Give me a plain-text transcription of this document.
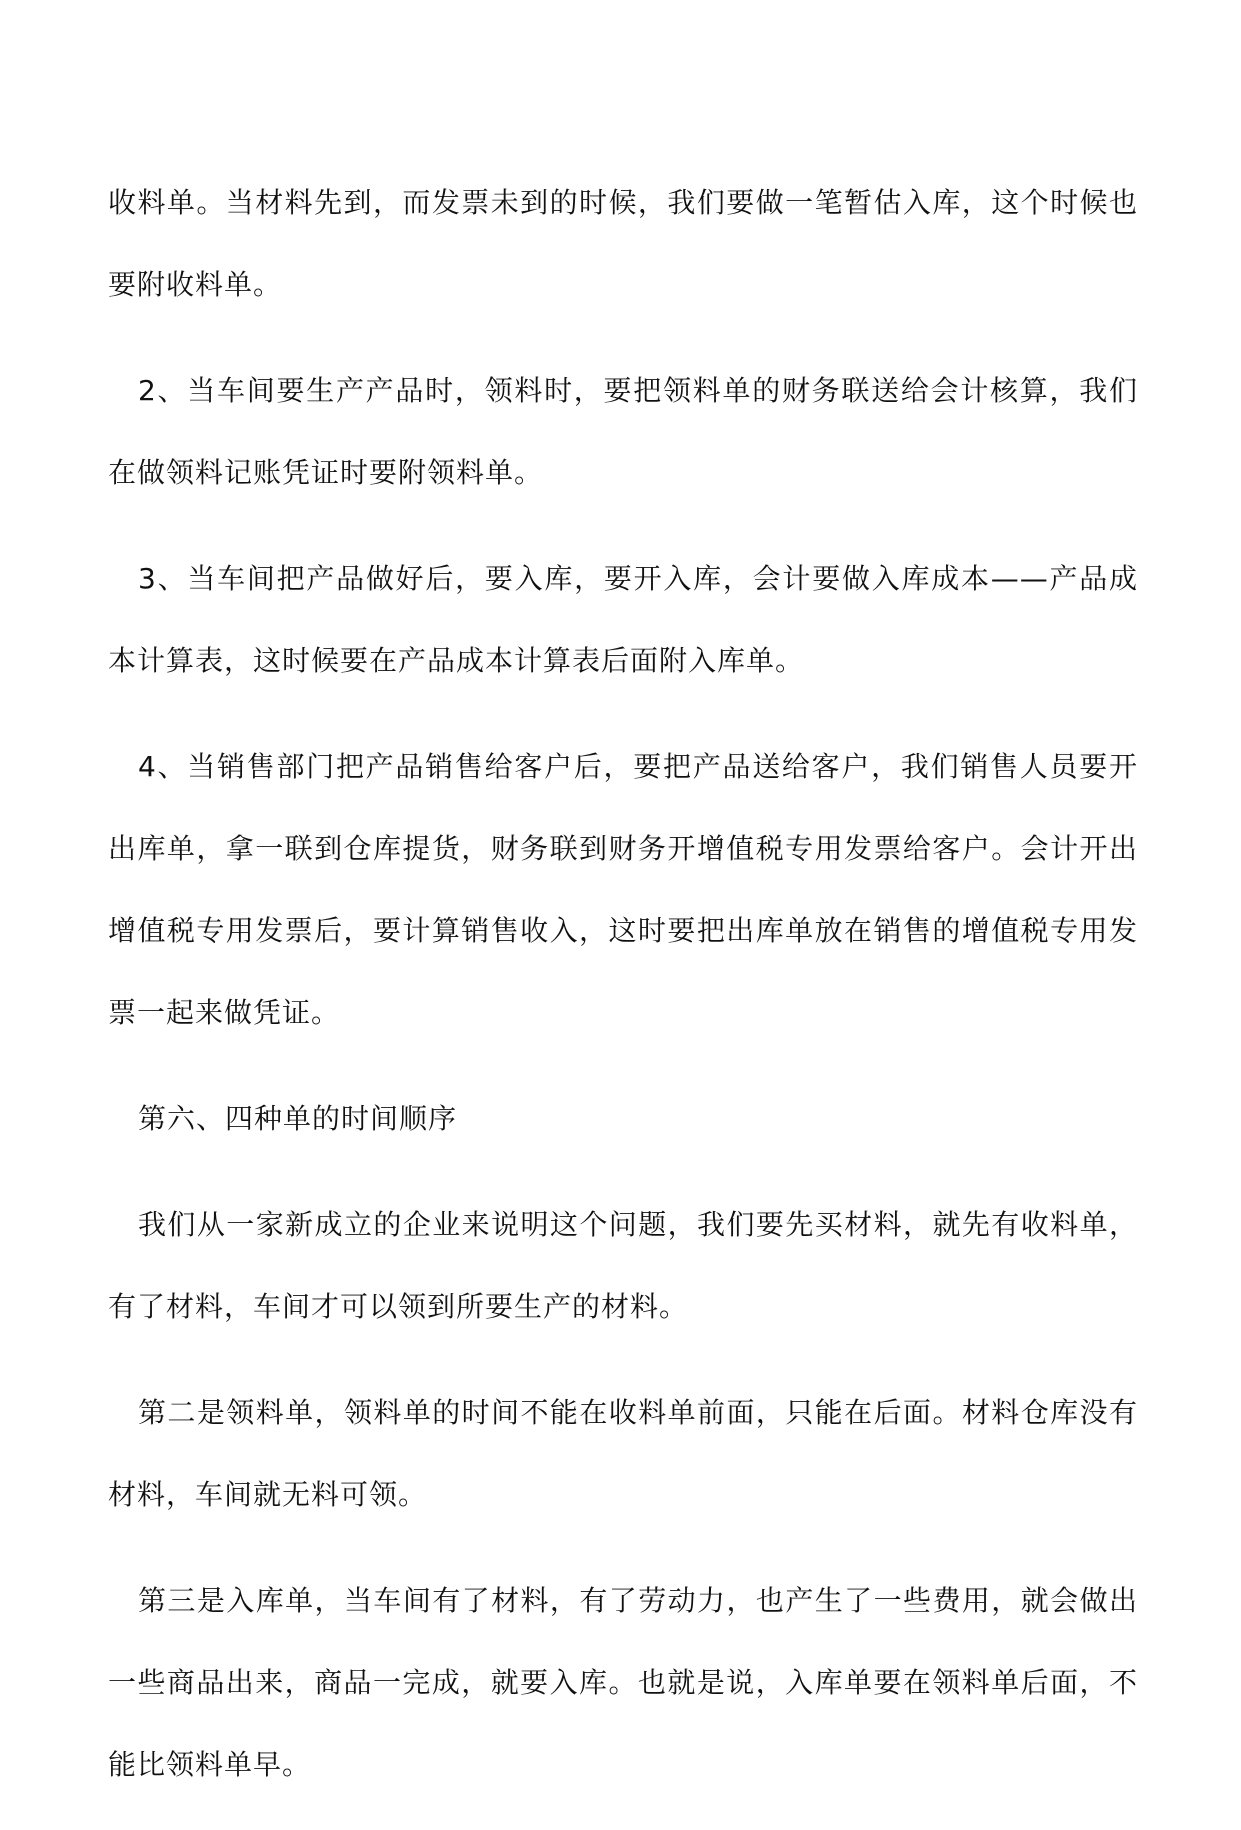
收料单。当材料先到，而发票未到的时候，我们要做一笔暂估入库，这个时候也要附收料单。

2、当车间要生产产品时，领料时，要把领料单的财务联送给会计核算，我们在做领料记账凭证时要附领料单。

3、当车间把产品做好后，要入库，要开入库，会计要做入库成本——产品成本计算表，这时候要在产品成本计算表后面附入库单。

4、当销售部门把产品销售给客户后，要把产品送给客户，我们销售人员要开出库单，拿一联到仓库提货，财务联到财务开增值税专用发票给客户。会计开出增值税专用发票后，要计算销售收入，这时要把出库单放在销售的增值税专用发票一起来做凭证。

第六、四种单的时间顺序

我们从一家新成立的企业来说明这个问题，我们要先买材料，就先有收料单，有了材料，车间才可以领到所要生产的材料。

第二是领料单，领料单的时间不能在收料单前面，只能在后面。材料仓库没有材料，车间就无料可领。

第三是入库单，当车间有了材料，有了劳动力，也产生了一些费用，就会做出一些商品出来，商品一完成，就要入库。也就是说，入库单要在领料单后面，不能比领料单早。
